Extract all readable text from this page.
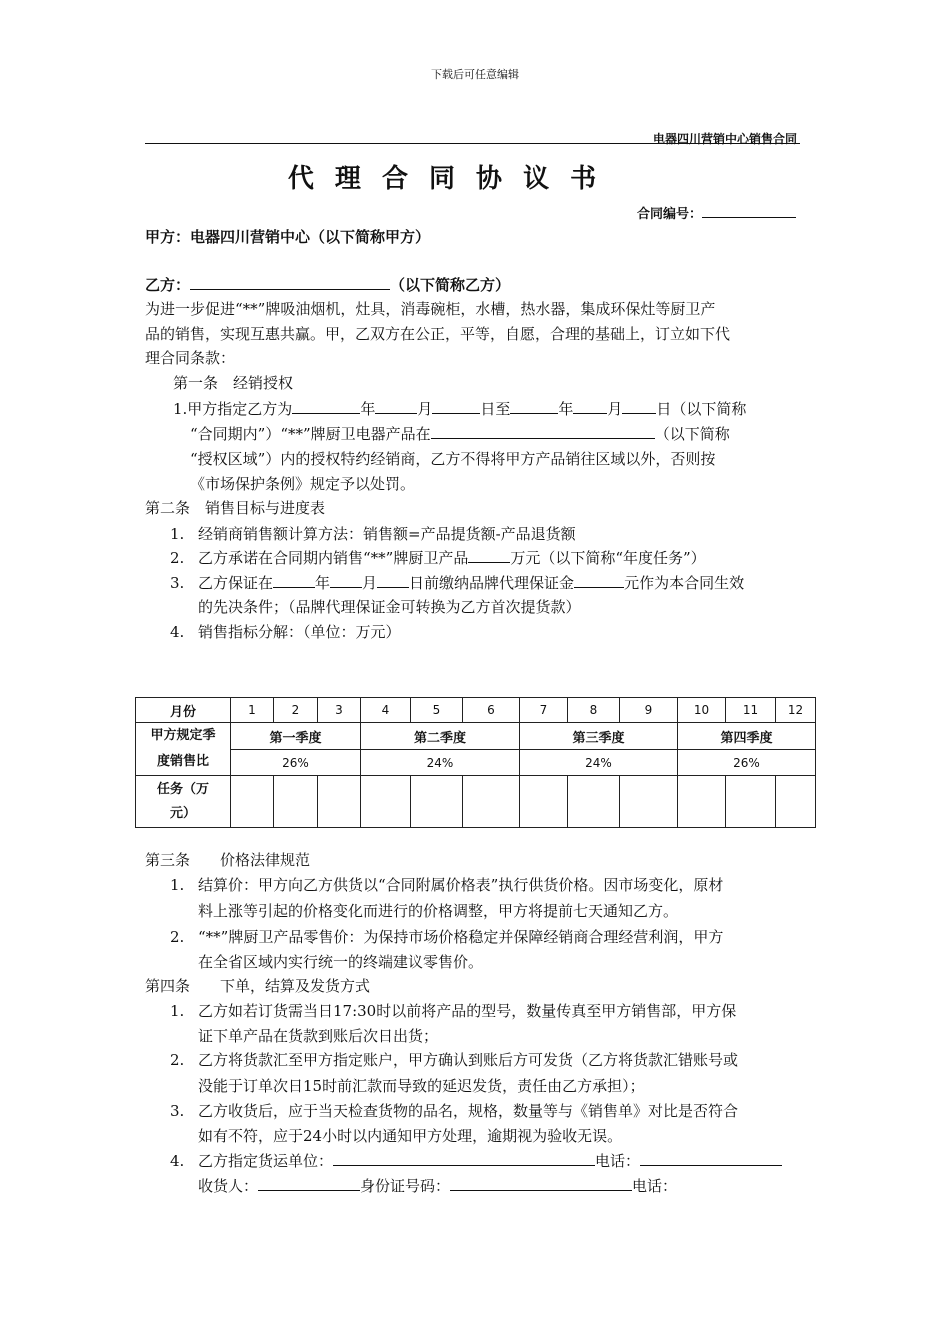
下载后可任意编辑
电器四川营销中心销售合同
代 理 合 同 协 议 书
合同编号：
甲方：电器四川营销中心（以下简称甲方）
乙方：	（以下简称乙方）
为进一步促进“**”牌吸油烟机，灶具，消毒碗柜，水槽，热水器，集成环保灶等厨卫产
品的销售，实现互惠共赢。甲，乙双方在公正，平等，自愿，合理的基础上，订立如下代
理合同条款：
第一条　经销授权
1.甲方指定乙方为	年	月	日至	年 月 日（以下简称
“合同期内”）“**”牌厨卫电器产品在	（以下简称
“授权区域”）内的授权特约经销商，乙方不得将甲方产品销往区域以外，否则按
《市场保护条例》规定予以处罚。
第二条　销售目标与进度表
1. 经销商销售额计算方法：销售额=产品提货额-产品退货额
2. 乙方承诺在合同期内销售“**”牌厨卫产品	万元（以下简称“年度任务”）
3. 乙方保证在	年 月 日前缴纳品牌代理保证金	元作为本合同生效
的先决条件；（品牌代理保证金可转换为乙方首次提货款）
4. 销售指标分解：（单位：万元）
月份	1	2	3	4	5	6	7	8	9	10	11	12

甲方规定季
度销售比	第一季度			第二季度			第三季度			第四季度		
	26%			24%			24%			26%		

任务（万
元）												

第三条　　价格法律规范
1. 结算价：甲方向乙方供货以“合同附属价格表”执行供货价格。因市场变化，原材
料上涨等引起的价格变化而进行的价格调整，甲方将提前七天通知乙方。
2. “**”牌厨卫产品零售价：为保持市场价格稳定并保障经销商合理经营利润，甲方
在全省区域内实行统一的终端建议零售价。
第四条　　下单，结算及发货方式
1. 乙方如若订货需当日17:30时以前将产品的型号，数量传真至甲方销售部，甲方保
证下单产品在货款到账后次日出货；
2. 乙方将货款汇至甲方指定账户，甲方确认到账后方可发货（乙方将货款汇错账号或
没能于订单次日15时前汇款而导致的延迟发货，责任由乙方承担）；
3. 乙方收货后，应于当天检查货物的品名，规格，数量等与《销售单》对比是否符合
如有不符，应于24小时以内通知甲方处理，逾期视为验收无误。
4. 乙方指定货运单位：	电话：
收货人：	身份证号码：	电话：
